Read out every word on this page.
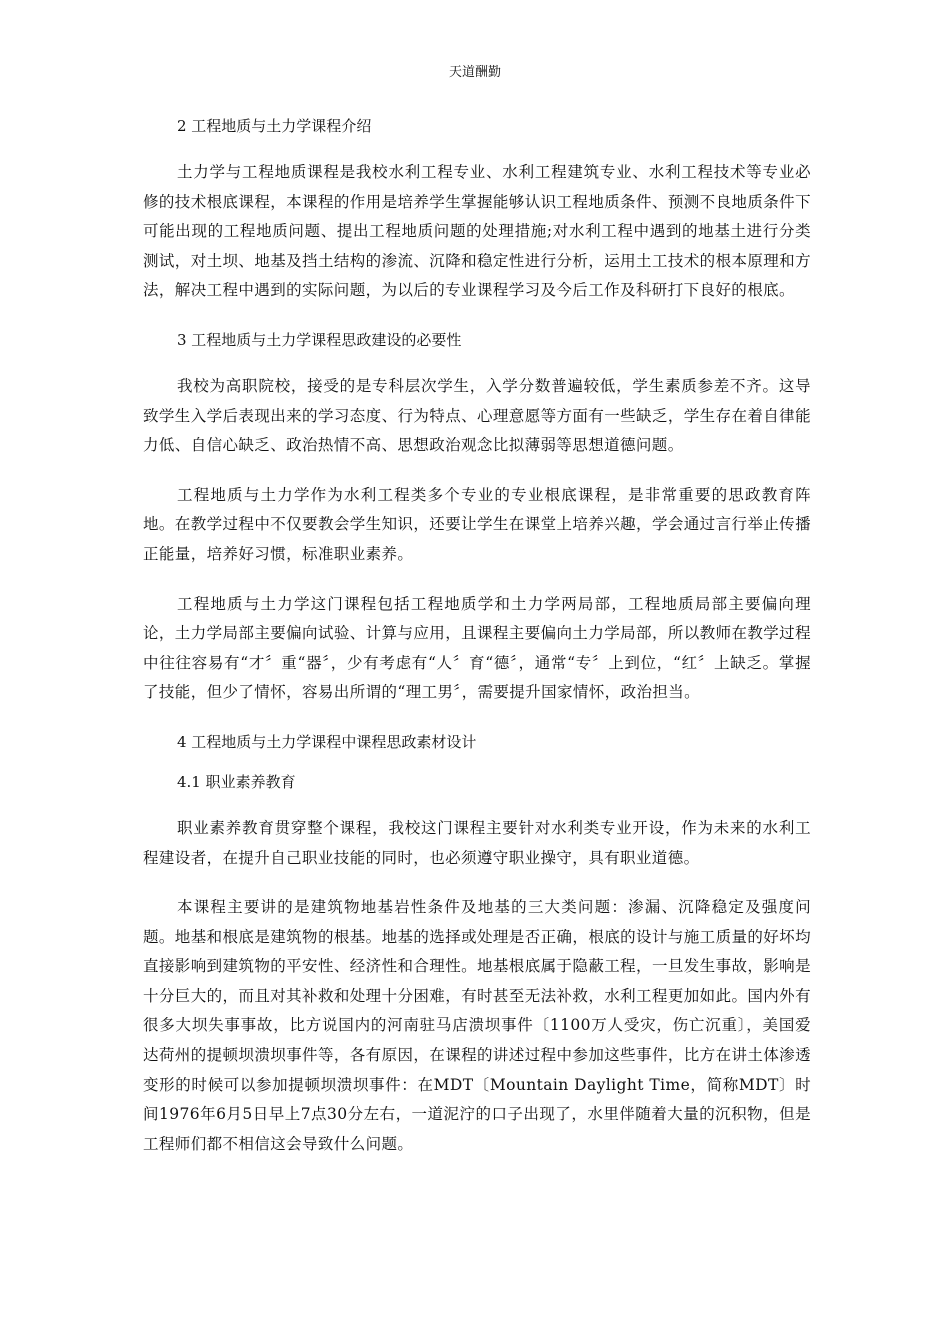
天道酬勤

2 工程地质与土力学课程介绍

土力学与工程地质课程是我校水利工程专业、水利工程建筑专业、水利工程技术等专业必修的技术根底课程，本课程的作用是培养学生掌握能够认识工程地质条件、预测不良地质条件下可能出现的工程地质问题、提出工程地质问题的处理措施;对水利工程中遇到的地基土进行分类测试，对土坝、地基及挡土结构的渗流、沉降和稳定性进行分析，运用土工技术的根本原理和方法，解决工程中遇到的实际问题，为以后的专业课程学习及今后工作及科研打下良好的根底。

3 工程地质与土力学课程思政建设的必要性

我校为高职院校，接受的是专科层次学生，入学分数普遍较低，学生素质参差不齐。这导致学生入学后表现出来的学习态度、行为特点、心理意愿等方面有一些缺乏，学生存在着自律能力低、自信心缺乏、政治热情不高、思想政治观念比拟薄弱等思想道德问题。

工程地质与土力学作为水利工程类多个专业的专业根底课程，是非常重要的思政教育阵地。在教学过程中不仅要教会学生知识，还要让学生在课堂上培养兴趣，学会通过言行举止传播正能量，培养好习惯，标准职业素养。

工程地质与土力学这门课程包括工程地质学和土力学两局部，工程地质局部主要偏向理论，土力学局部主要偏向试验、计算与应用，且课程主要偏向土力学局部，所以教师在教学过程中往往容易有“才〞重“器〞，少有考虑有“人〞育“德〞，通常“专〞上到位，“红〞上缺乏。掌握了技能，但少了情怀，容易出所谓的“理工男〞，需要提升国家情怀，政治担当。

4 工程地质与土力学课程中课程思政素材设计

4.1 职业素养教育

职业素养教育贯穿整个课程，我校这门课程主要针对水利类专业开设，作为未来的水利工程建设者，在提升自己职业技能的同时，也必须遵守职业操守，具有职业道德。

本课程主要讲的是建筑物地基岩性条件及地基的三大类问题：渗漏、沉降稳定及强度问题。地基和根底是建筑物的根基。地基的选择或处理是否正确，根底的设计与施工质量的好坏均直接影响到建筑物的平安性、经济性和合理性。地基根底属于隐蔽工程，一旦发生事故，影响是十分巨大的，而且对其补救和处理十分困难，有时甚至无法补救，水利工程更加如此。国内外有很多大坝失事事故，比方说国内的河南驻马店溃坝事件〔1100万人受灾，伤亡沉重〕，美国爱达荷州的提顿坝溃坝事件等，各有原因，在课程的讲述过程中参加这些事件，比方在讲土体渗透变形的时候可以参加提顿坝溃坝事件：在MDT〔Mountain Daylight Time，简称MDT〕时间1976年6月5日早上7点30分左右，一道泥泞的口子出现了，水里伴随着大量的沉积物，但是工程师们都不相信这会导致什么问题。
